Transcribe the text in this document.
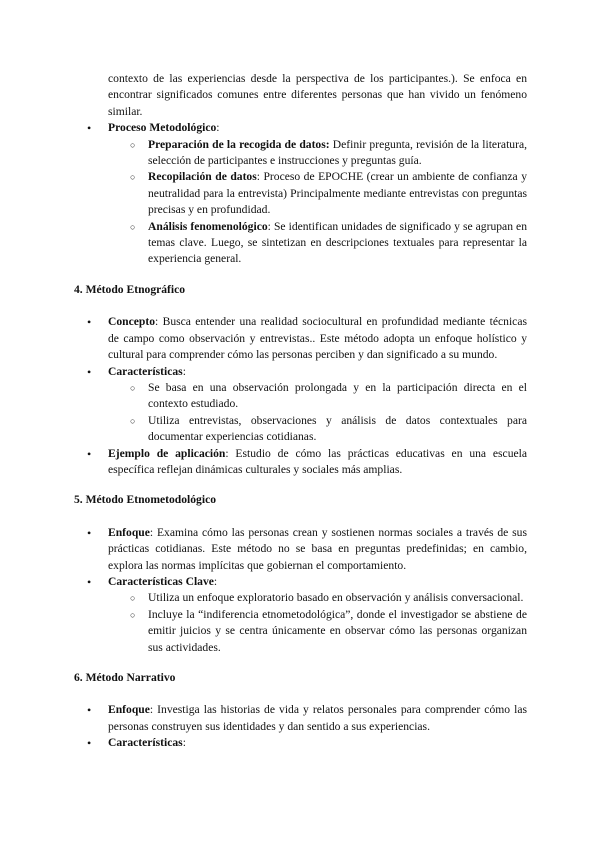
contexto de las experiencias desde la perspectiva de los participantes.). Se enfoca en encontrar significados comunes entre diferentes personas que han vivido un fenómeno similar.

• Proceso Metodológico:
○ Preparación de la recogida de datos: Definir pregunta, revisión de la literatura, selección de participantes e instrucciones y preguntas guía.
○ Recopilación de datos: Proceso de EPOCHE (crear un ambiente de confianza y neutralidad para la entrevista) Principalmente mediante entrevistas con preguntas precisas y en profundidad.
○ Análisis fenomenológico: Se identifican unidades de significado y se agrupan en temas clave. Luego, se sintetizan en descripciones textuales para representar la experiencia general.
4. Método Etnográfico
• Concepto: Busca entender una realidad sociocultural en profundidad mediante técnicas de campo como observación y entrevistas.. Este método adopta un enfoque holístico y cultural para comprender cómo las personas perciben y dan significado a su mundo.
• Características:
○ Se basa en una observación prolongada y en la participación directa en el contexto estudiado.
○ Utiliza entrevistas, observaciones y análisis de datos contextuales para documentar experiencias cotidianas.
• Ejemplo de aplicación: Estudio de cómo las prácticas educativas en una escuela específica reflejan dinámicas culturales y sociales más amplias.
5. Método Etnometodológico
• Enfoque: Examina cómo las personas crean y sostienen normas sociales a través de sus prácticas cotidianas. Este método no se basa en preguntas predefinidas; en cambio, explora las normas implícitas que gobiernan el comportamiento.
• Características Clave:
○ Utiliza un enfoque exploratorio basado en observación y análisis conversacional.
○ Incluye la “indiferencia etnometodológica”, donde el investigador se abstiene de emitir juicios y se centra únicamente en observar cómo las personas organizan sus actividades.
6. Método Narrativo
• Enfoque: Investiga las historias de vida y relatos personales para comprender cómo las personas construyen sus identidades y dan sentido a sus experiencias.
• Características:
